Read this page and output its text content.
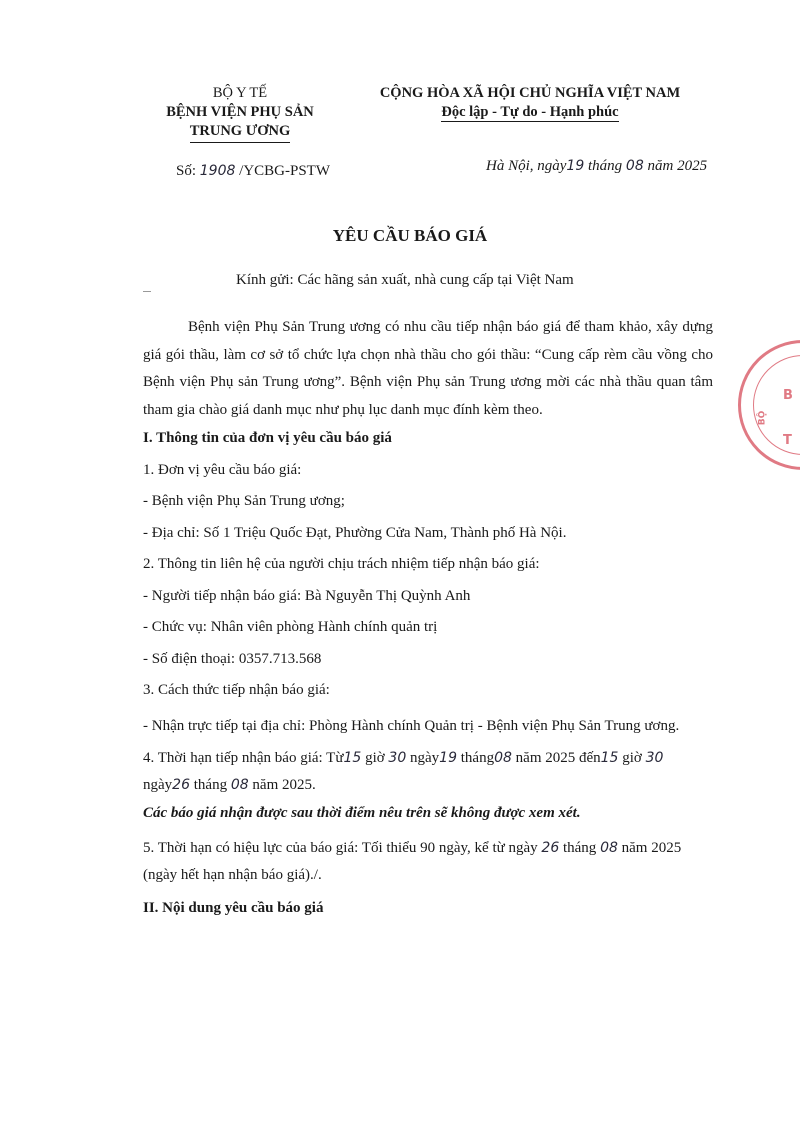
BỘ Y TẾ
BỆNH VIỆN PHỤ SẢN
TRUNG ƯƠNG
CỘNG HÒA XÃ HỘI CHỦ NGHĨA VIỆT NAM
Độc lập - Tự do - Hạnh phúc
Số: 1908 /YCBG-PSTW	Hà Nội, ngày19 tháng 08 năm 2025
YÊU CẦU BÁO GIÁ
Kính gửi: Các hãng sản xuất, nhà cung cấp tại Việt Nam

Bệnh viện Phụ Sản Trung ương có nhu cầu tiếp nhận báo giá để tham khảo, xây dựng giá gói thầu, làm cơ sở tổ chức lựa chọn nhà thầu cho gói thầu: “Cung cấp rèm cầu vồng cho Bệnh viện Phụ sản Trung ương”. Bệnh viện Phụ sản Trung ương mời các nhà thầu quan tâm tham gia chào giá danh mục như phụ lục danh mục đính kèm theo.

I. Thông tin của đơn vị yêu cầu báo giá

1. Đơn vị yêu cầu báo giá:

- Bệnh viện Phụ Sản Trung ương;

- Địa chỉ: Số 1 Triệu Quốc Đạt, Phường Cửa Nam, Thành phố Hà Nội.

2. Thông tin liên hệ của người chịu trách nhiệm tiếp nhận báo giá:

- Người tiếp nhận báo giá: Bà Nguyễn Thị Quỳnh Anh

- Chức vụ: Nhân viên phòng Hành chính quản trị

- Số điện thoại: 0357.713.568

3. Cách thức tiếp nhận báo giá:

- Nhận trực tiếp tại địa chỉ: Phòng Hành chính Quản trị - Bệnh viện Phụ Sản Trung ương.

4. Thời hạn tiếp nhận báo giá: Từ15 giờ 30 ngày19 tháng08 năm 2025 đến15 giờ 30 ngày26 tháng 08 năm 2025.

Các báo giá nhận được sau thời điểm nêu trên sẽ không được xem xét.

5. Thời hạn có hiệu lực của báo giá: Tối thiểu 90 ngày, kể từ ngày 26 tháng 08 năm 2025 (ngày hết hạn nhận báo giá)./.

II. Nội dung yêu cầu báo giá

B
BỘ
T
